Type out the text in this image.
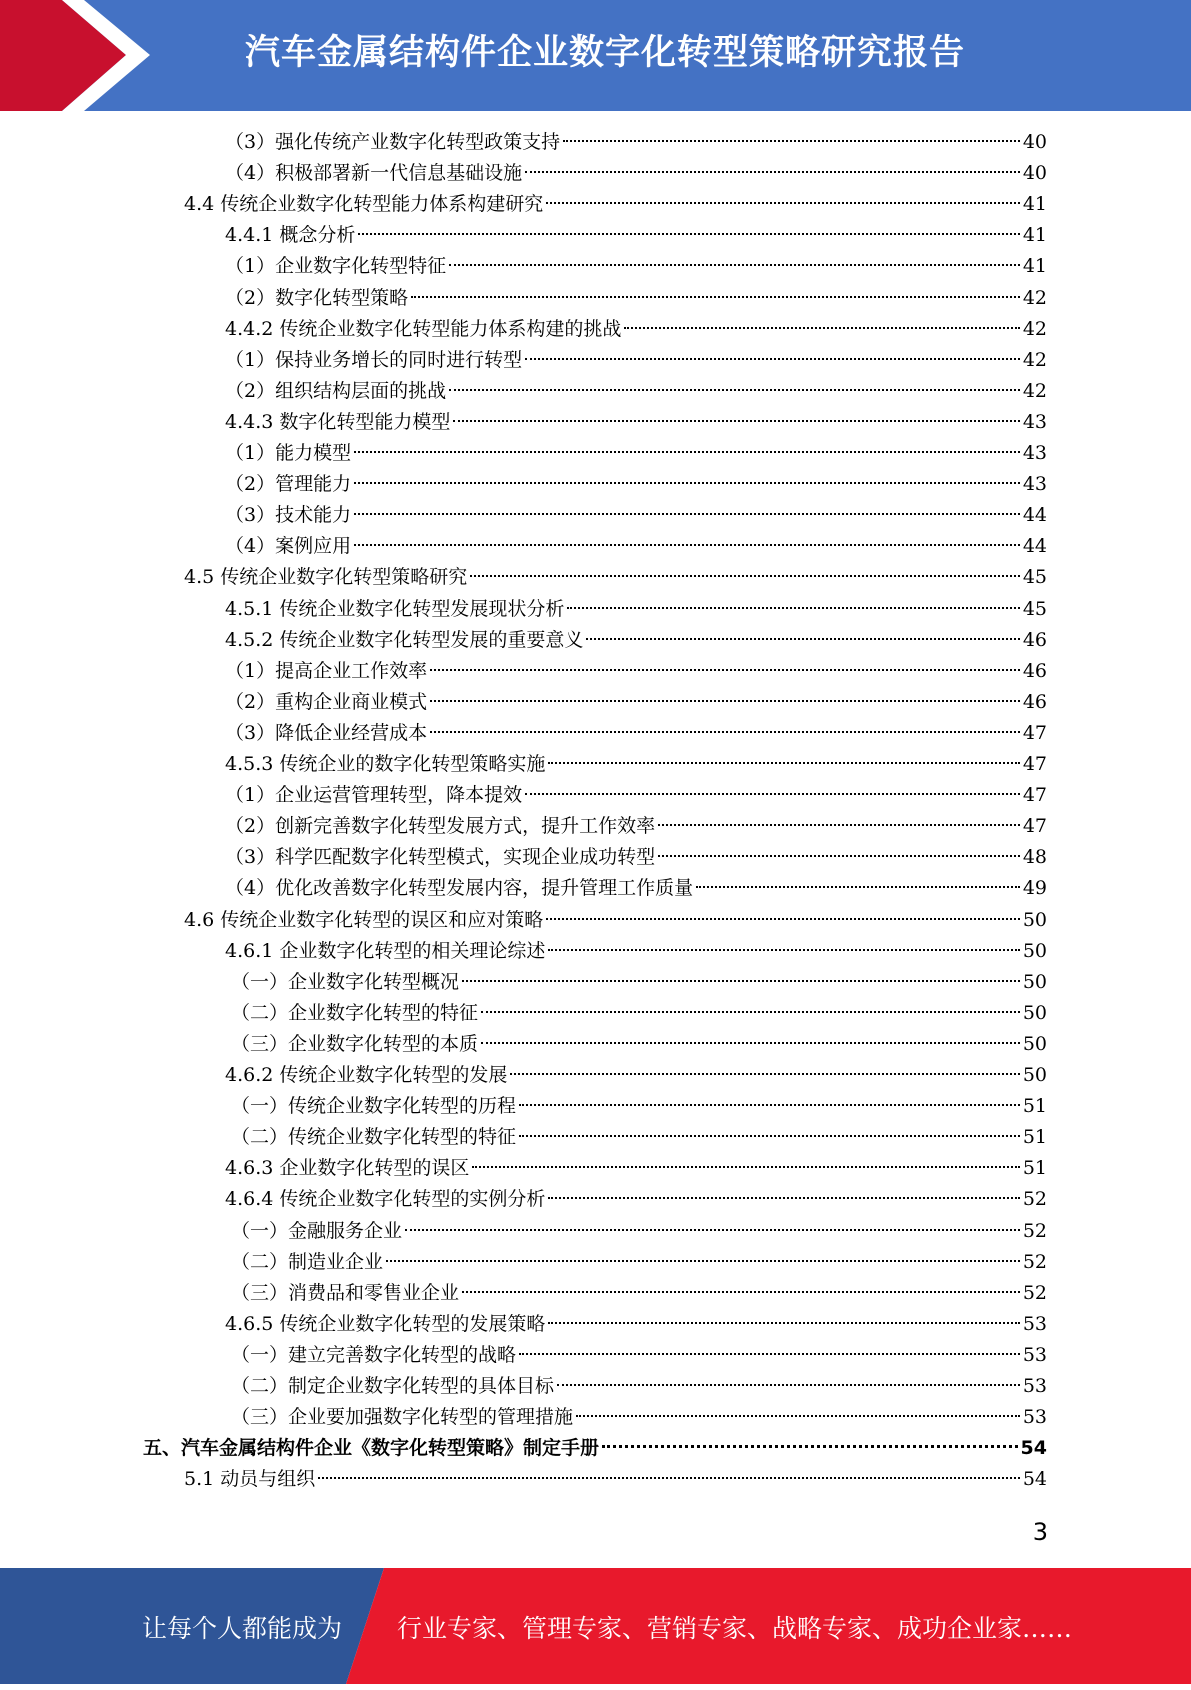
汽车金属结构件企业数字化转型策略研究报告
（3）强化传统产业数字化转型政策支持	40
（4）积极部署新一代信息基础设施	40
4.4 传统企业数字化转型能力体系构建研究	41
4.4.1 概念分析	41
（1）企业数字化转型特征	41
（2）数字化转型策略	42
4.4.2 传统企业数字化转型能力体系构建的挑战	42
（1）保持业务增长的同时进行转型	42
（2）组织结构层面的挑战	42
4.4.3 数字化转型能力模型	43
（1）能力模型	43
（2）管理能力	43
（3）技术能力	44
（4）案例应用	44
4.5 传统企业数字化转型策略研究	45
4.5.1 传统企业数字化转型发展现状分析	45
4.5.2 传统企业数字化转型发展的重要意义	46
（1）提高企业工作效率	46
（2）重构企业商业模式	46
（3）降低企业经营成本	47
4.5.3 传统企业的数字化转型策略实施	47
（1）企业运营管理转型，降本提效	47
（2）创新完善数字化转型发展方式，提升工作效率	47
（3）科学匹配数字化转型模式，实现企业成功转型	48
（4）优化改善数字化转型发展内容，提升管理工作质量	49
4.6 传统企业数字化转型的误区和应对策略	50
4.6.1 企业数字化转型的相关理论综述	50
（一）企业数字化转型概况	50
（二）企业数字化转型的特征	50
（三）企业数字化转型的本质	50
4.6.2 传统企业数字化转型的发展	50
（一）传统企业数字化转型的历程	51
（二）传统企业数字化转型的特征	51
4.6.3 企业数字化转型的误区	51
4.6.4 传统企业数字化转型的实例分析	52
（一）金融服务企业	52
（二）制造业企业	52
（三）消费品和零售业企业	52
4.6.5 传统企业数字化转型的发展策略	53
（一）建立完善数字化转型的战略	53
（二）制定企业数字化转型的具体目标	53
（三）企业要加强数字化转型的管理措施	53
五、汽车金属结构件企业《数字化转型策略》制定手册	54
5.1 动员与组织	54
3
让每个人都能成为 行业专家、管理专家、营销专家、战略专家、成功企业家……
